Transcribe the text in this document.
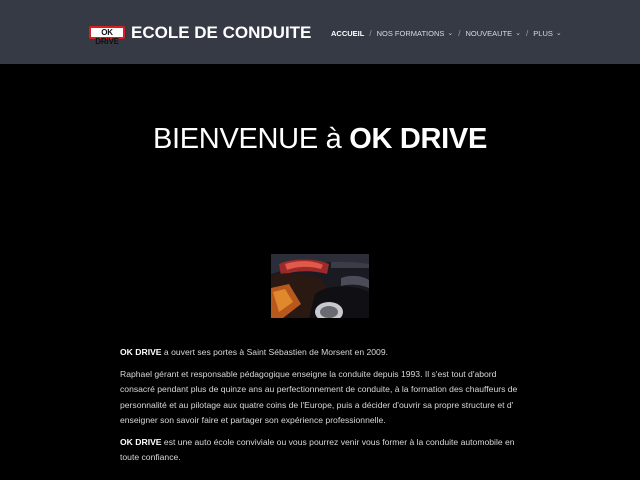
OK DRIVE ECOLE DE CONDUITE	ACCUEIL / NOS FORMATIONS ⌄ / NOUVEAUTE ⌄ / PLUS ⌄
BIENVENUE à OK DRIVE

OK DRIVE a ouvert ses portes à Saint Sébastien de Morsent en 2009.

Raphael gérant et responsable pédagogique enseigne la conduite depuis 1993. Il s'est tout d'abord consacré pendant plus de quinze ans au perfectionnement de conduite, à la formation des chauffeurs de personnalité et au pilotage aux quatre coins de l'Europe, puis a décider d'ouvrir sa propre structure et d' enseigner son savoir faire et partager son expérience professionnelle.

OK DRIVE est une auto école conviviale ou vous pourrez venir vous former à la conduite automobile en toute confiance.
